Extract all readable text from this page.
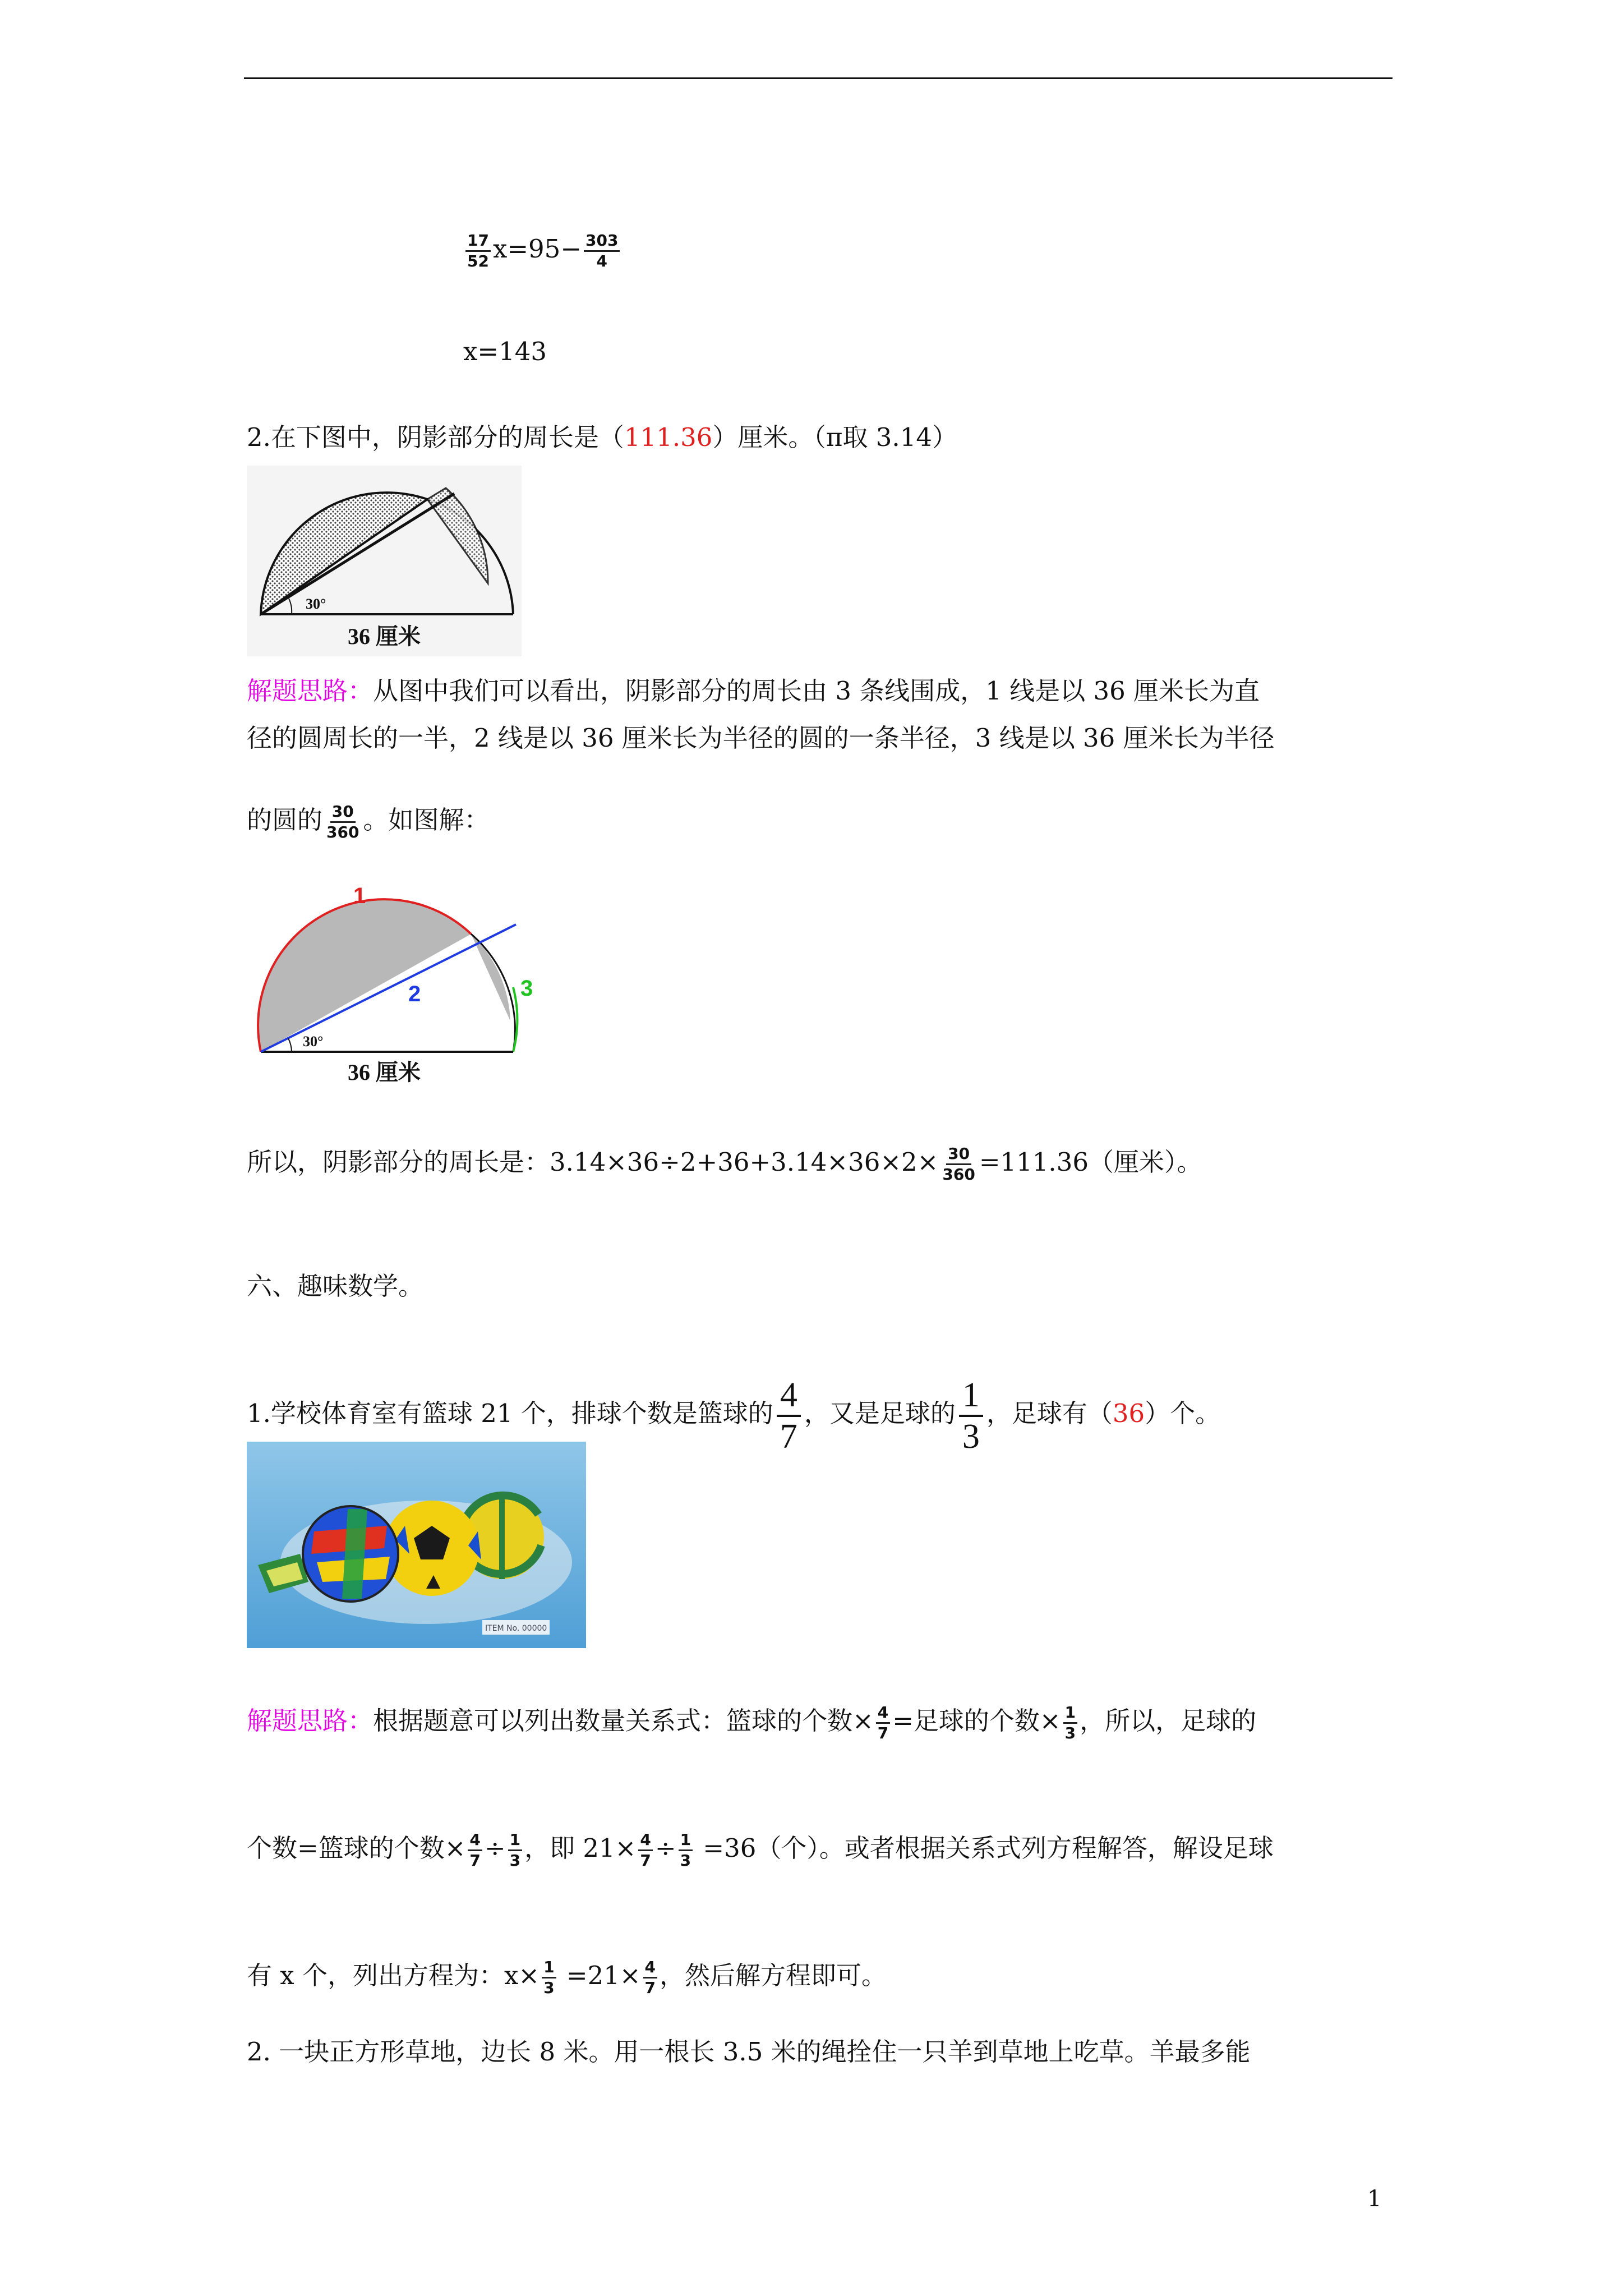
$\frac{17}{52} x=95- \frac{303}{4}$
x=143
2.在下图中，阴影部分的周长是（111.36）厘米。（π取 3.14）
30°
36 厘米
解题思路：从图中我们可以看出，阴影部分的周长由 3 条线围成，1 线是以 36 厘米长为直
径的圆周长的一半，2 线是以 36 厘米长为半径的圆的一条半径，3 线是以 36 厘米长为半径
的圆的 $\frac{30}{360}$ 。如图解：
1
2	3
30°
36 厘米
所以，阴影部分的周长是：$3.14\times 36\div 2+36+3.14\times 36\times 2\times \frac{30}{360} =111.36$（厘米）。
六、趣味数学。
1.学校体育室有篮球 21 个，排球个数是篮球的 $\frac{4}{7}$ ，又是足球的 $\frac{1}{3}$ ，足球有（36）个。
ITEM No. 00000
解题思路：根据题意可以列出数量关系式：篮球的个数× $\frac{4}{7}$ =足球的个数× $\frac{1}{3}$ ，所以，足球的
个数=篮球的个数× $\frac{4}{7} \div \frac{1}{3}$ ，即 $21\times \frac{4}{7} \div \frac{1}{3} =36$（个）。或者根据关系式列方程解答，解设足球
有 x 个，列出方程为：$x\times \frac{1}{3} =21\times \frac{4}{7}$ ，然后解方程即可。
2. 一块正方形草地，边长 8 米。用一根长 3.5 米的绳拴住一只羊到草地上吃草。羊最多能
1
